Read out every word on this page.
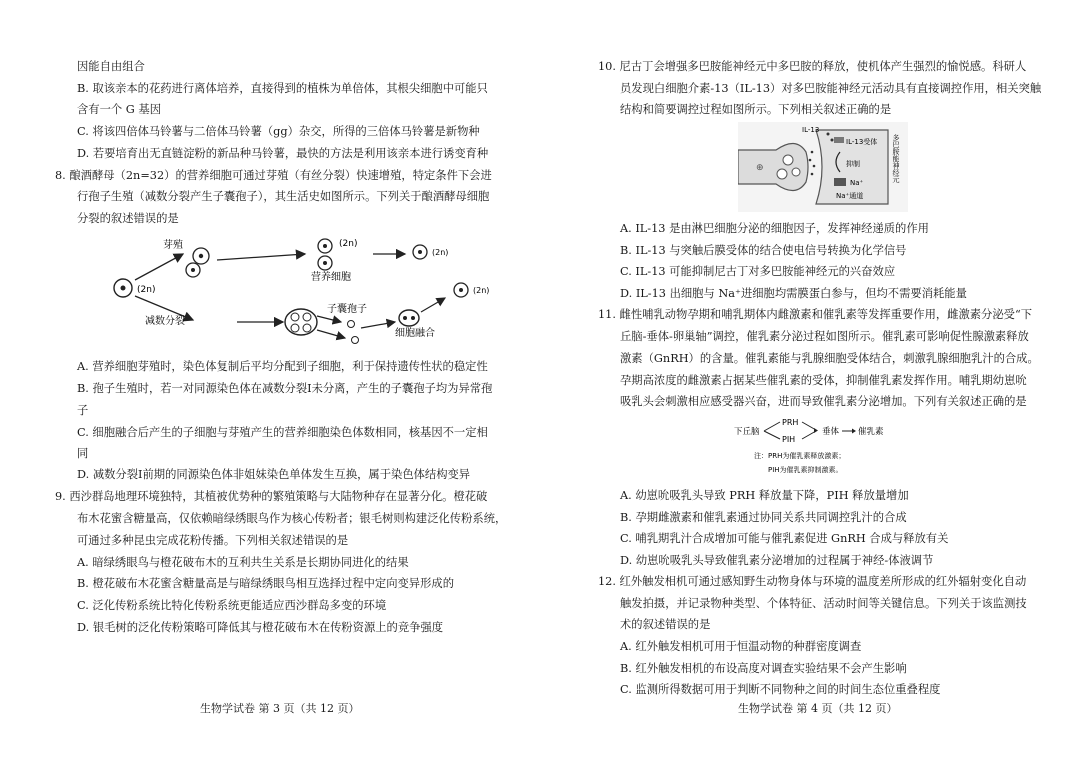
因能自由组合
B. 取该亲本的花药进行离体培养，直接得到的植株为单倍体，其根尖细胞中可能只
含有一个 G 基因
C. 将该四倍体马铃薯与二倍体马铃薯（gg）杂交，所得的三倍体马铃薯是新物种
D. 若要培育出无直链淀粉的新品种马铃薯，最快的方法是利用该亲本进行诱变育种
8. 酿酒酵母（2n=32）的营养细胞可通过芽殖（有丝分裂）快速增殖，特定条件下会进
行孢子生殖（减数分裂产生子囊孢子），其生活史如图所示。下列关于酿酒酵母细胞
分裂的叙述错误的是
(2n)
芽殖	(2n)
营养细胞
(2n)
减数分裂
子囊孢子
细胞融合
(2n)
A. 营养细胞芽殖时，染色体复制后平均分配到子细胞，利于保持遗传性状的稳定性
B. 孢子生殖时，若一对同源染色体在减数分裂Ⅰ未分离，产生的子囊孢子均为异常孢
子
C. 细胞融合后产生的子细胞与芽殖产生的营养细胞染色体数相同，核基因不一定相
同
D. 减数分裂Ⅰ前期的同源染色体非姐妹染色单体发生互换，属于染色体结构变异
9. 西沙群岛地理环境独特，其植被优势种的繁殖策略与大陆物种存在显著分化。橙花破
布木花蜜含糖量高，仅依赖暗绿绣眼鸟作为核心传粉者；银毛树则构建泛化传粉系统，
可通过多种昆虫完成花粉传播。下列相关叙述错误的是
A. 暗绿绣眼鸟与橙花破布木的互利共生关系是长期协同进化的结果
B. 橙花破布木花蜜含糖量高是与暗绿绣眼鸟相互选择过程中定向变异形成的
C. 泛化传粉系统比特化传粉系统更能适应西沙群岛多变的环境
D. 银毛树的泛化传粉策略可降低其与橙花破布木在传粉资源上的竞争强度
生物学试卷 第 3 页（共 12 页）
10. 尼古丁会增强多巴胺能神经元中多巴胺的释放，使机体产生强烈的愉悦感。科研人
员发现白细胞介素-13（IL-13）对多巴胺能神经元活动具有直接调控作用，相关突触
结构和简要调控过程如图所示。下列相关叙述正确的是
⊕
IL-13
IL-13受体
抑制
Na⁺
Na⁺通道
多巴胺能神经元
A. IL-13 是由淋巴细胞分泌的细胞因子，发挥神经递质的作用
B. IL-13 与突触后膜受体的结合使电信号转换为化学信号
C. IL-13 可能抑制尼古丁对多巴胺能神经元的兴奋效应
D. IL-13 出细胞与 Na⁺进细胞均需膜蛋白参与，但均不需要消耗能量
11. 雌性哺乳动物孕期和哺乳期体内雌激素和催乳素等发挥重要作用，雌激素分泌受“下
丘脑-垂体-卵巢轴”调控，催乳素分泌过程如图所示。催乳素可影响促性腺激素释放
激素（GnRH）的含量。催乳素能与乳腺细胞受体结合，刺激乳腺细胞乳汁的合成。
孕期高浓度的雌激素占据某些催乳素的受体，抑制催乳素发挥作用。哺乳期幼崽吮
吸乳头会刺激相应感受器兴奋，进而导致催乳素分泌增加。下列有关叙述正确的是
下丘脑
PRH
PIH
垂体 催乳素
注：PRH为催乳素释放激素；
PIH为催乳素抑制激素。
A. 幼崽吮吸乳头导致 PRH 释放量下降，PIH 释放量增加
B. 孕期雌激素和催乳素通过协同关系共同调控乳汁的合成
C. 哺乳期乳汁合成增加可能与催乳素促进 GnRH 合成与释放有关
D. 幼崽吮吸乳头导致催乳素分泌增加的过程属于神经-体液调节
12. 红外触发相机可通过感知野生动物身体与环境的温度差所形成的红外辐射变化自动
触发拍摄，并记录物种类型、个体特征、活动时间等关键信息。下列关于该监测技
术的叙述错误的是
A. 红外触发相机可用于恒温动物的种群密度调查
B. 红外触发相机的布设高度对调查实验结果不会产生影响
C. 监测所得数据可用于判断不同物种之间的时间生态位重叠程度
生物学试卷 第 4 页（共 12 页）
